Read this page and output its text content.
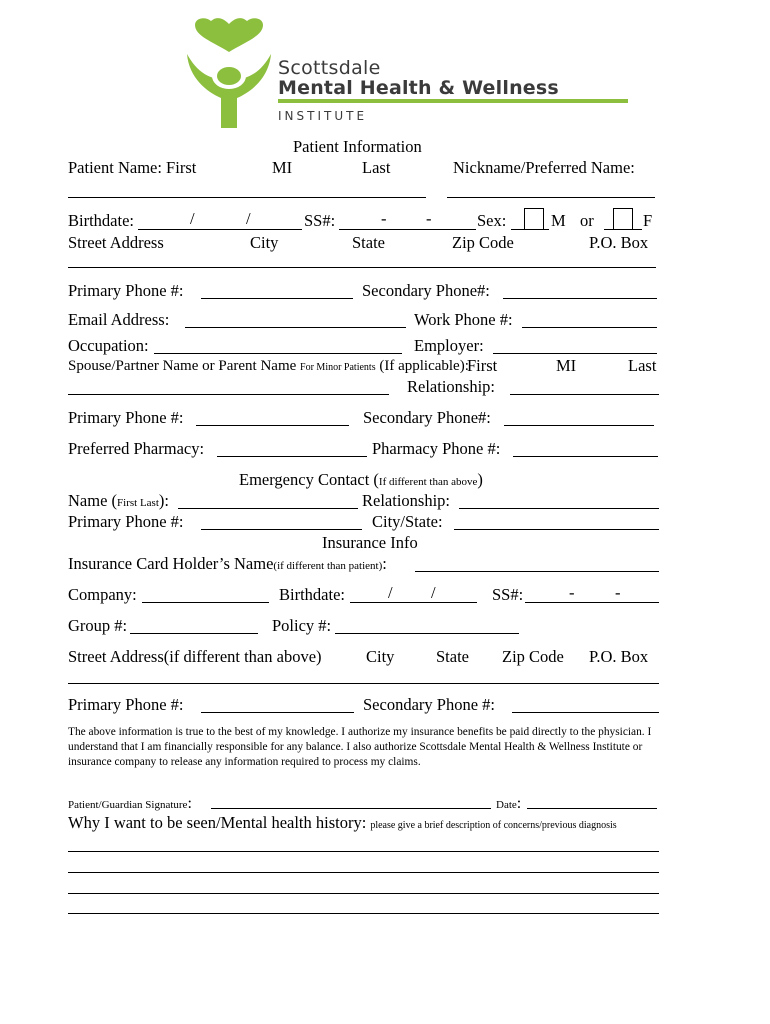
Scottsdale
Mental Health & Wellness
INSTITUTE
Patient Information
Patient Name: First	MI	Last	Nickname/Preferred Name:
Birthdate:	/	/	SS#:	- -	Sex:	M or	F
Street Address	City	State	Zip Code	P.O. Box
Primary Phone #:	Secondary Phone#:
Email Address:	Work Phone #:
Occupation:	Employer:
Spouse/Partner Name or Parent Name For Minor Patients (If applicable):
First	MI	Last
Relationship:
Primary Phone #:	Secondary Phone#:
Preferred Pharmacy:	Pharmacy Phone #:
Emergency Contact (If different than above)
Name (First Last):	Relationship:
Primary Phone #:	City/State:
Insurance Info
Insurance Card Holder’s Name(if different than patient):
Company:	Birthdate:	/ /	SS#:	- -
Group #:	Policy #:
Street Address(if different than above)	City	State Zip Code P.O. Box
Primary Phone #:	Secondary Phone #:
The above information is true to the best of my knowledge. I authorize my insurance benefits be paid directly to the physician. I understand that I am financially responsible for any balance. I also authorize Scottsdale Mental Health & Wellness Institute or insurance company to release any information required to process my claims.
Patient/Guardian Signature:	Date:
Why I want to be seen/Mental health history: please give a brief description of concerns/previous diagnosis
